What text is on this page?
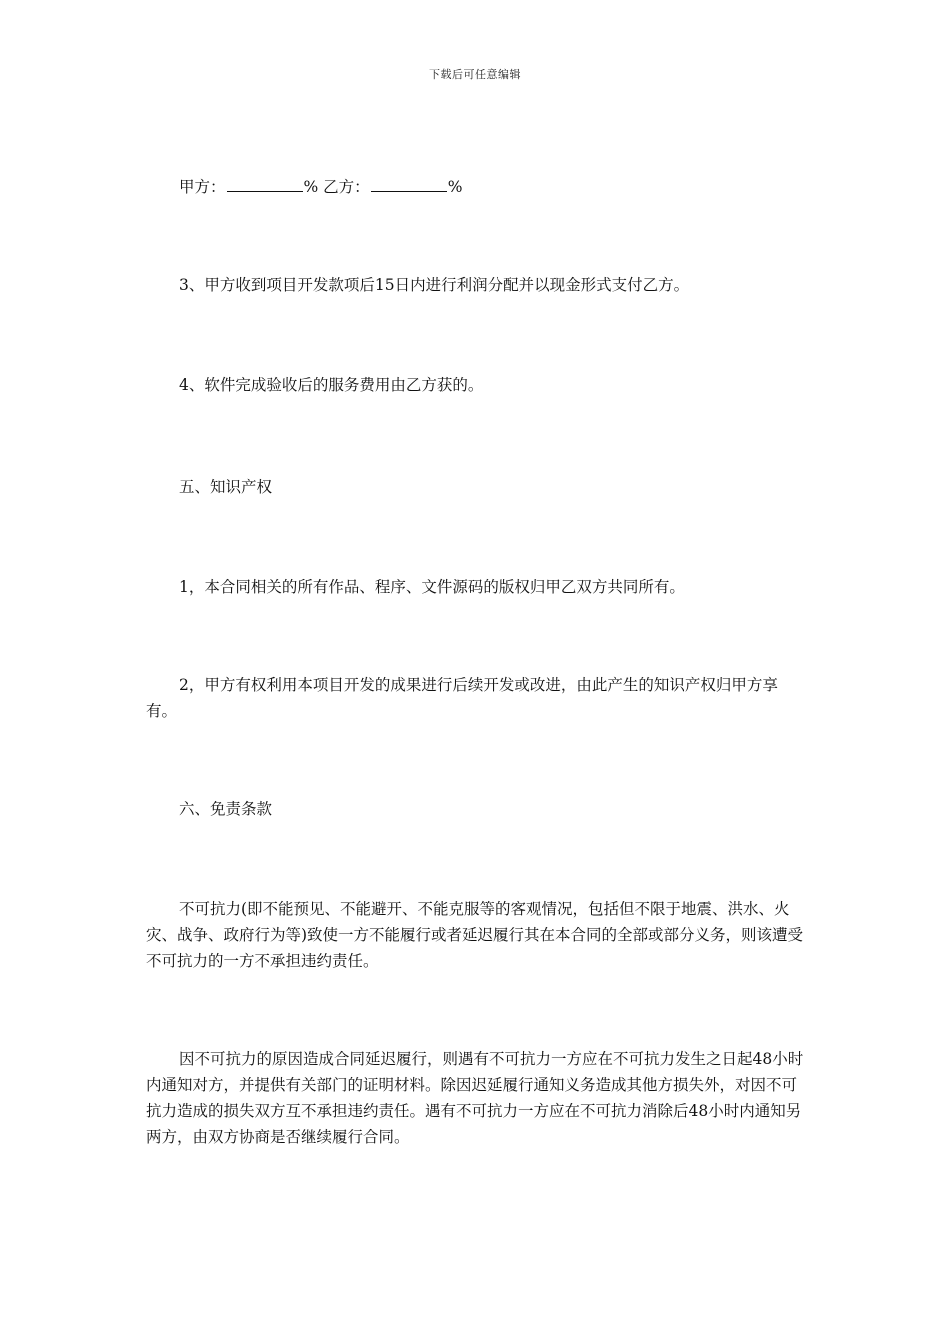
下载后可任意编辑

甲方：	% 乙方：	%

3、甲方收到项目开发款项后15日内进行利润分配并以现金形式支付乙方。

4、软件完成验收后的服务费用由乙方获的。

五、知识产权

1，本合同相关的所有作品、程序、文件源码的版权归甲乙双方共同所有。

2，甲方有权利用本项目开发的成果进行后续开发或改进，由此产生的知识产权归甲方享有。

六、免责条款

不可抗力(即不能预见、不能避开、不能克服等的客观情况，包括但不限于地震、洪水、火灾、战争、政府行为等)致使一方不能履行或者延迟履行其在本合同的全部或部分义务，则该遭受不可抗力的一方不承担违约责任。

因不可抗力的原因造成合同延迟履行，则遇有不可抗力一方应在不可抗力发生之日起48小时内通知对方，并提供有关部门的证明材料。除因迟延履行通知义务造成其他方损失外，对因不可抗力造成的损失双方互不承担违约责任。遇有不可抗力一方应在不可抗力消除后48小时内通知另两方，由双方协商是否继续履行合同。
